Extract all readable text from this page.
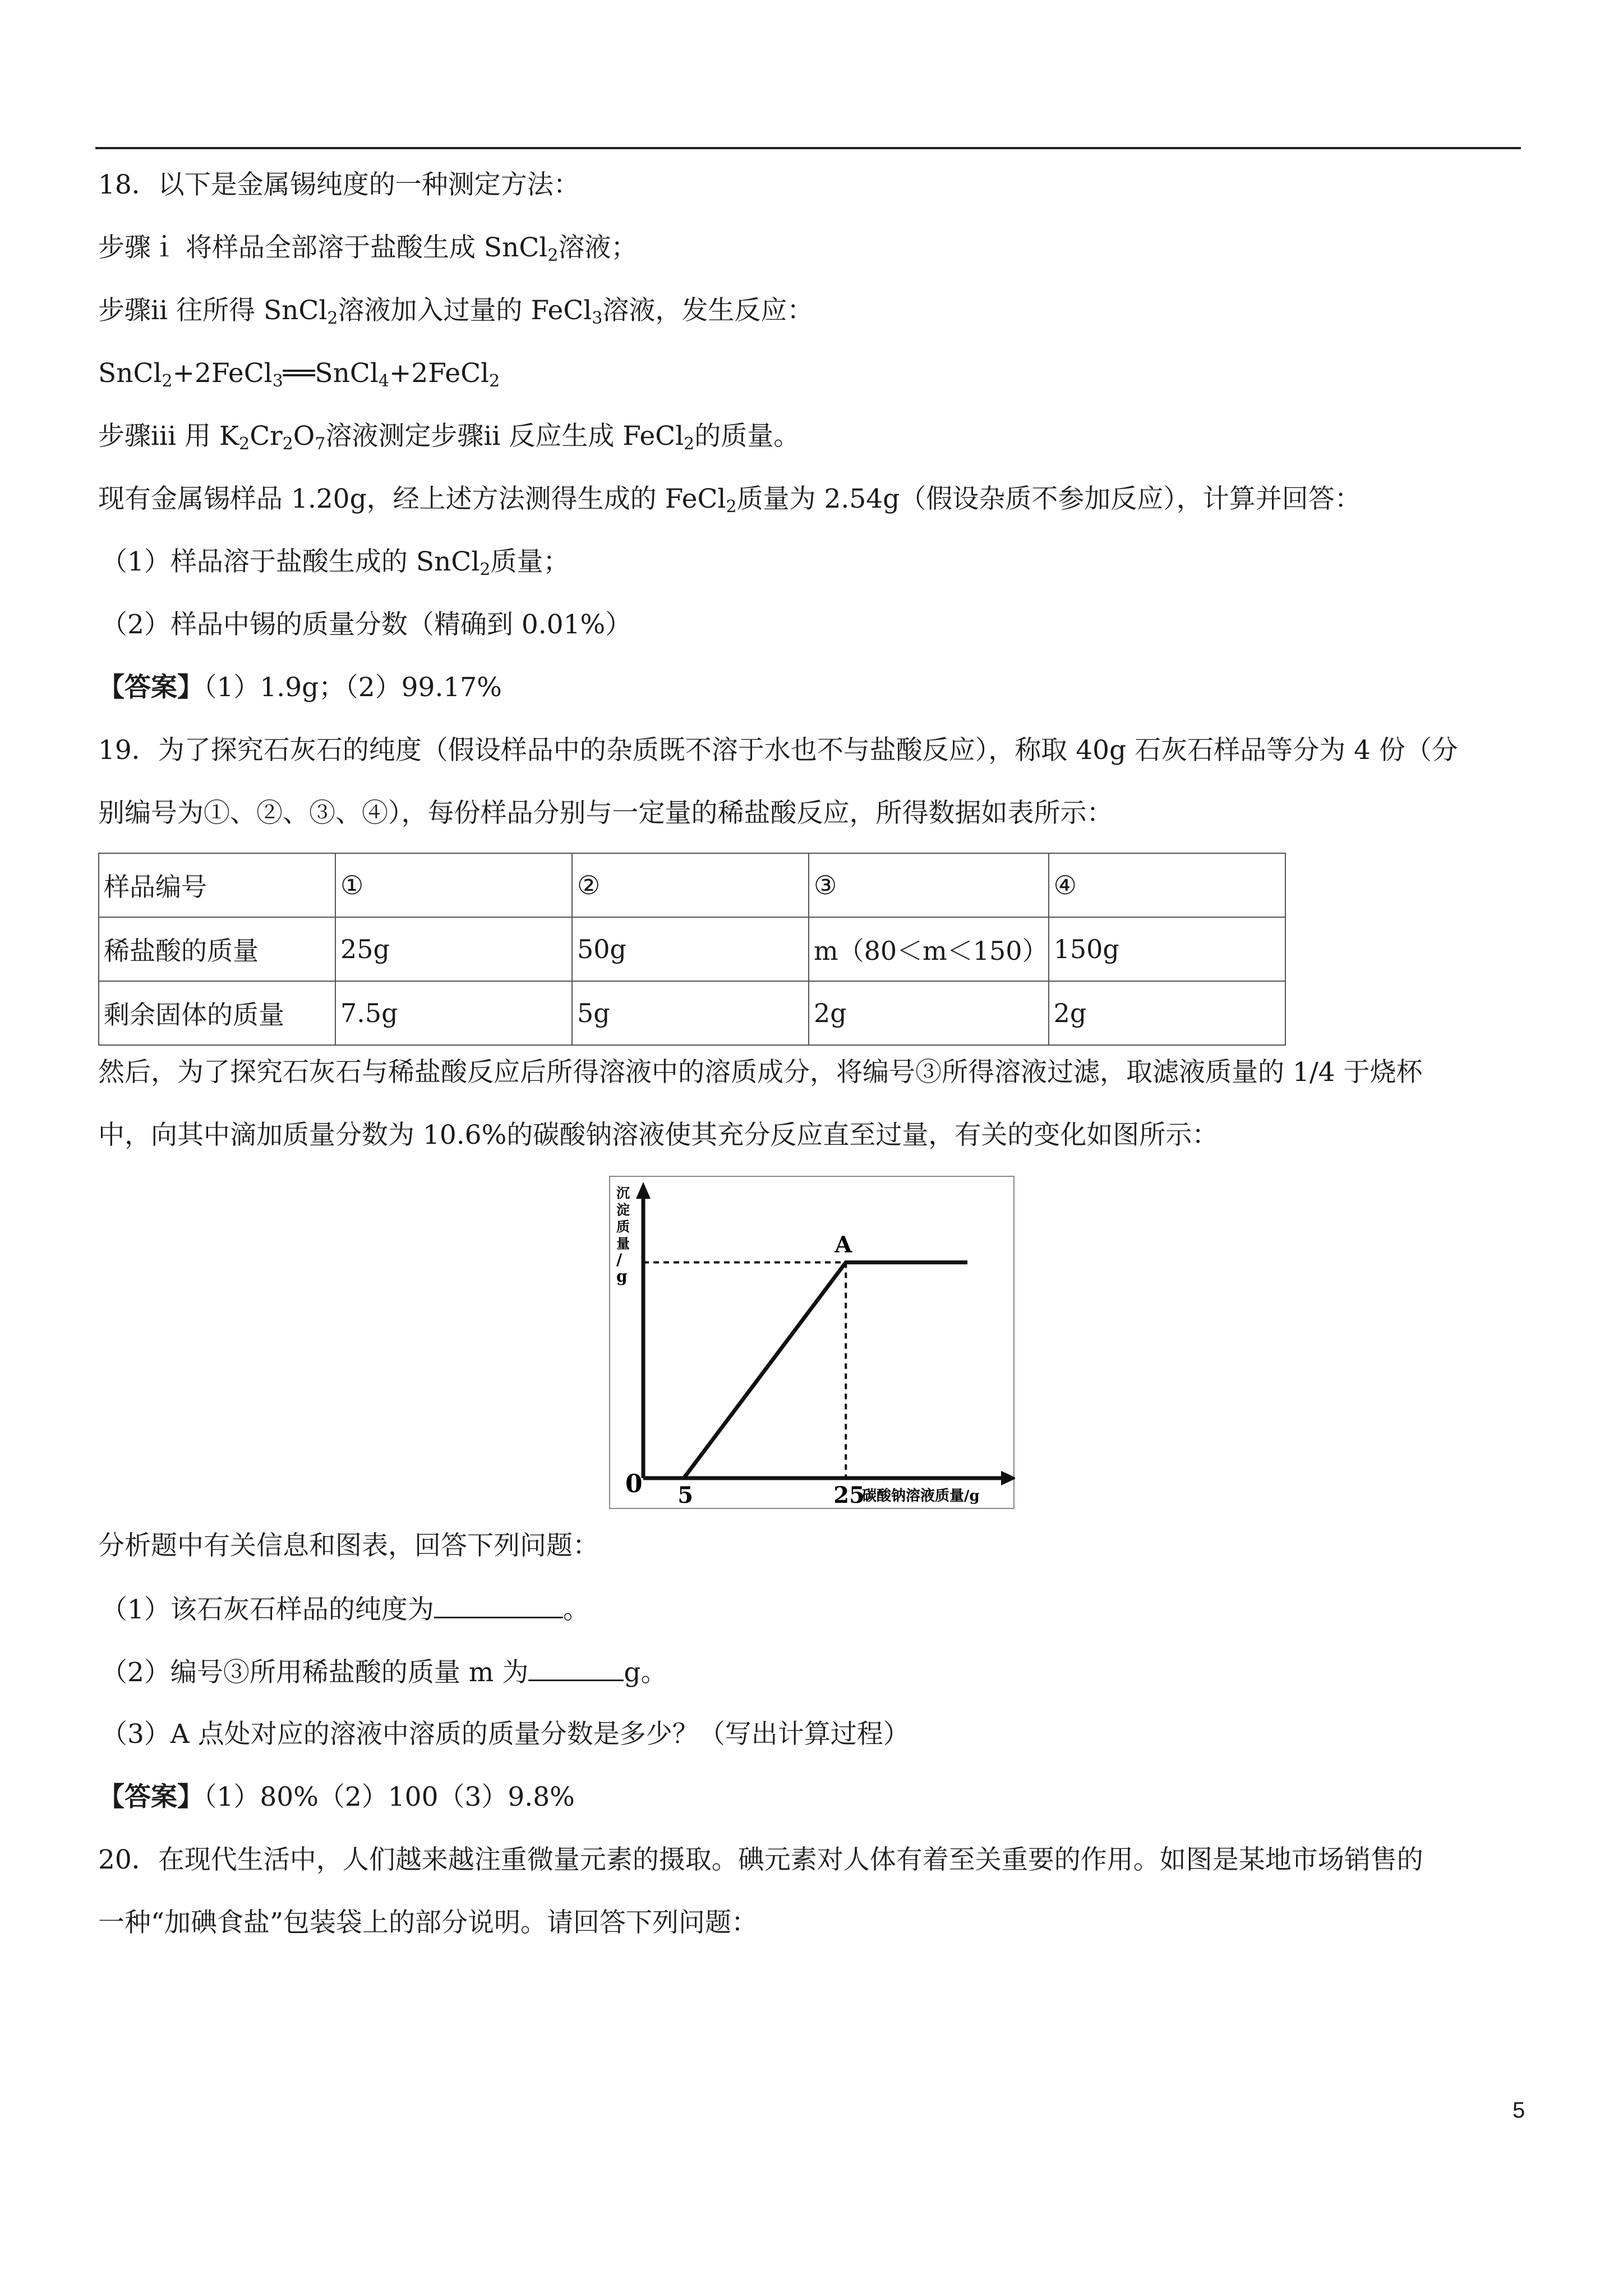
18．以下是金属锡纯度的一种测定方法：
步骤ｉ 将样品全部溶于盐酸生成 SnCl$_2$溶液；
步骤ii 往所得 SnCl$_2$溶液加入过量的 FeCl$_3$溶液，发生反应：
SnCl$_2$+2FeCl$_3$══SnCl$_4$+2FeCl$_2$
步骤iii 用 $K_2Cr_2O_7$溶液测定步骤ii 反应生成 FeCl$_2$的质量。
现有金属锡样品 1.20g，经上述方法测得生成的 FeCl$_2$质量为 2.54g（假设杂质不参加反应），计算并回答：
（1）样品溶于盐酸生成的 SnCl$_2$质量；
（2）样品中锡的质量分数（精确到 0.01%）
【答案】（1）1.9g；（2）99.17%
19．为了探究石灰石的纯度（假设样品中的杂质既不溶于水也不与盐酸反应），称取 40g 石灰石样品等分为 4 份（分
别编号为①、②、③、④），每份样品分别与一定量的稀盐酸反应，所得数据如表所示：
样品编号	①	②	③	④
稀盐酸的质量	25g	50g	m（80＜m＜150）	150g
剩余固体的质量	7.5g	5g	2g	2g
然后，为了探究石灰石与稀盐酸反应后所得溶液中的溶质成分，将编号③所得溶液过滤，取滤液质量的 1/4 于烧杯
中，向其中滴加质量分数为 10.6%的碳酸钠溶液使其充分反应直至过量，有关的变化如图所示：
沉
淀
质
量
/
g
碳酸钠溶液质量/g
0
A
5	25
分析题中有关信息和图表，回答下列问题：
（1）该石灰石样品的纯度为	。
（2）编号③所用稀盐酸的质量 m 为	g。
（3）A 点处对应的溶液中溶质的质量分数是多少？（写出计算过程）
【答案】（1）80%（2）100（3）9.8%
20．在现代生活中，人们越来越注重微量元素的摄取。碘元素对人体有着至关重要的作用。如图是某地市场销售的
一种“加碘食盐”包装袋上的部分说明。请回答下列问题：
5
